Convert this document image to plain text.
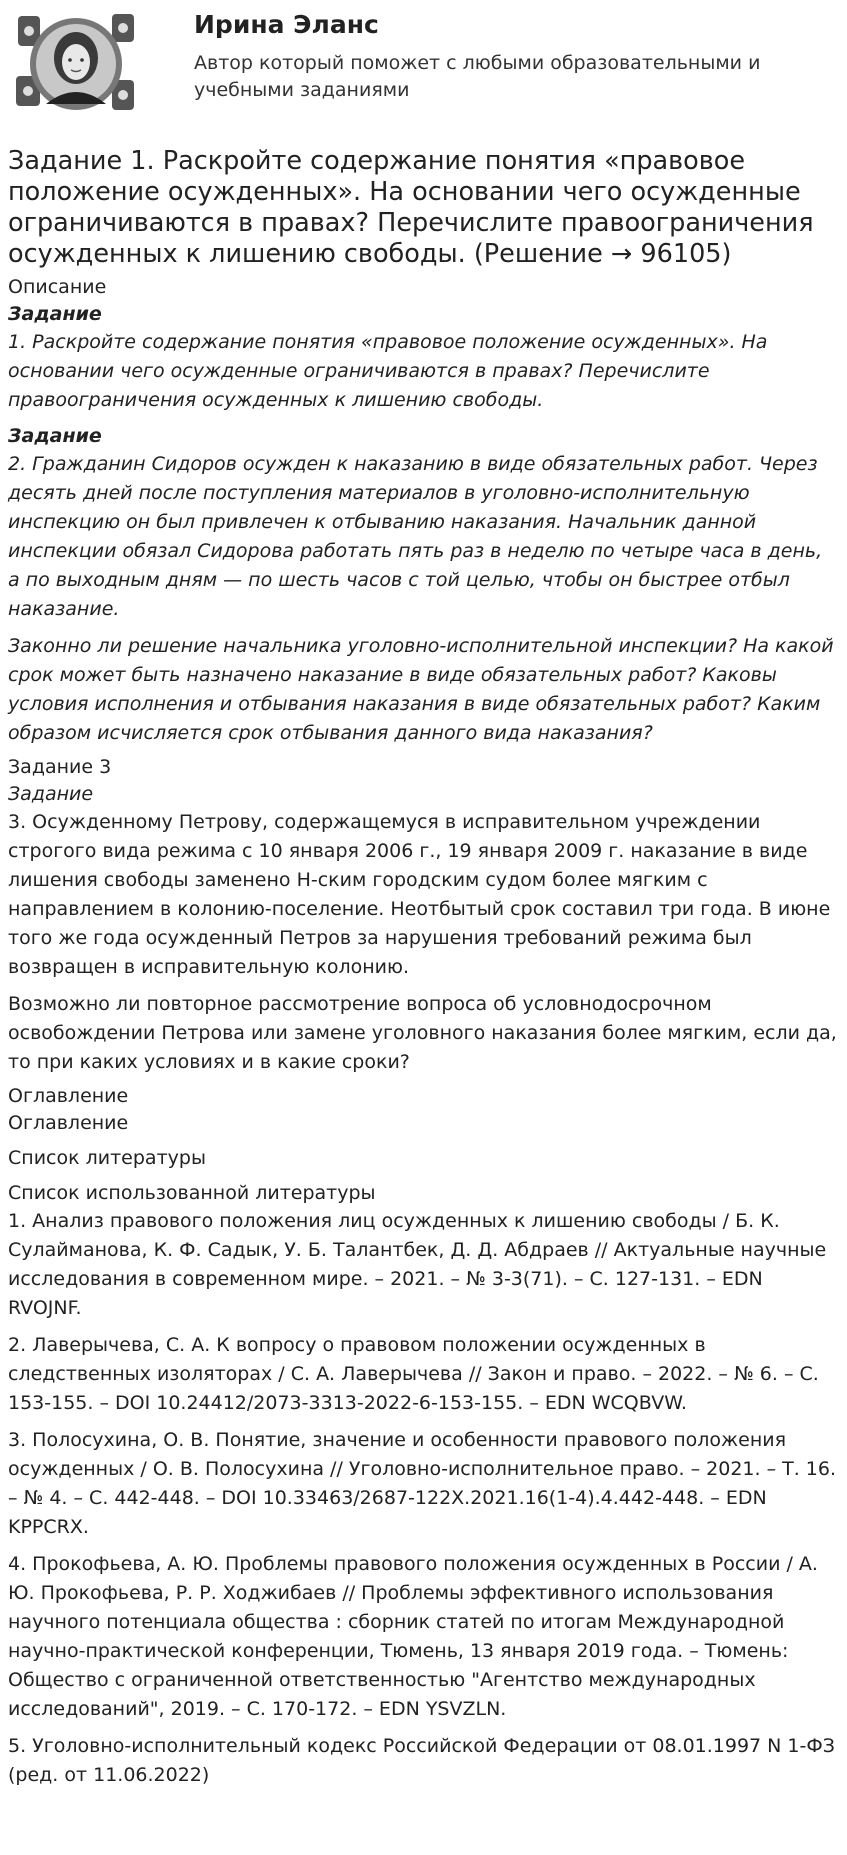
Ирина Эланс
Автор который поможет с любыми образовательными и учебными заданиями
Задание 1. Раскройте содержание понятия «правовое положение осужденных». На основании чего осужденные ограничиваются в правах? Перечислите правоограничения осужденных к лишению свободы. (Решение → 96105)
Описание
Задание

1. Раскройте содержание понятия «правовое положение осужденных». На основании чего осужденные ограничиваются в правах? Перечислите правоограничения осужденных к лишению свободы.

Задание

2. Гражданин Сидоров осужден к наказанию в виде обязательных работ. Через десять дней после поступления материалов в уголовно-исполнительную инспекцию он был привлечен к отбыванию наказания. Начальник данной инспекции обязал Сидорова работать пять раз в неделю по четыре часа в день, а по выходным дням — по шесть часов с той целью, чтобы он быстрее отбыл наказание.

Законно ли решение начальника уголовно-исполнительной инспекции? На какой срок может быть назначено наказание в виде обязательных работ? Каковы условия исполнения и отбывания наказания в виде обязательных работ? Каким образом исчисляется срок отбывания данного вида наказания?

Задание 3
Задание

3. Осужденному Петрову, содержащемуся в исправительном учреждении строгого вида режима с 10 января 2006 г., 19 января 2009 г. наказание в виде лишения свободы заменено Н-ским городским судом более мягким с направлением в колонию-поселение. Неотбытый срок составил три года. В июне того же года осужденный Петров за нарушения требований режима был возвращен в исправительную колонию.

Возможно ли повторное рассмотрение вопроса об условнодосрочном освобождении Петрова или замене уголовного наказания более мягким, если да, то при каких условиях и в какие сроки?

Оглавление
Оглавление
Список литературы
Список использованной литературы

1. Анализ правового положения лиц осужденных к лишению свободы / Б. К. Сулайманова, К. Ф. Садык, У. Б. Талантбек, Д. Д. Абдраев // Актуальные научные исследования в современном мире. – 2021. – № 3-3(71). – С. 127-131. – EDN RVOJNF.

2. Лаверычева, С. А. К вопросу о правовом положении осужденных в следственных изоляторах / С. А. Лаверычева // Закон и право. – 2022. – № 6. – С. 153-155. – DOI 10.24412/2073-3313-2022-6-153-155. – EDN WCQBVW.

3. Полосухина, О. В. Понятие, значение и особенности правового положения осужденных / О. В. Полосухина // Уголовно-исполнительное право. – 2021. – Т. 16. – № 4. – С. 442-448. – DOI 10.33463/2687-122X.2021.16(1-4).4.442-448. – EDN KPPCRX.

4. Прокофьева, А. Ю. Проблемы правового положения осужденных в России / А. Ю. Прокофьева, Р. Р. Ходжибаев // Проблемы эффективного использования научного потенциала общества : сборник статей по итогам Международной научно-практической конференции, Тюмень, 13 января 2019 года. – Тюмень: Общество с ограниченной ответственностью "Агентство международных исследований", 2019. – С. 170-172. – EDN YSVZLN.

5. Уголовно-исполнительный кодекс Российской Федерации от 08.01.1997 N 1-ФЗ (ред. от 11.06.2022)
